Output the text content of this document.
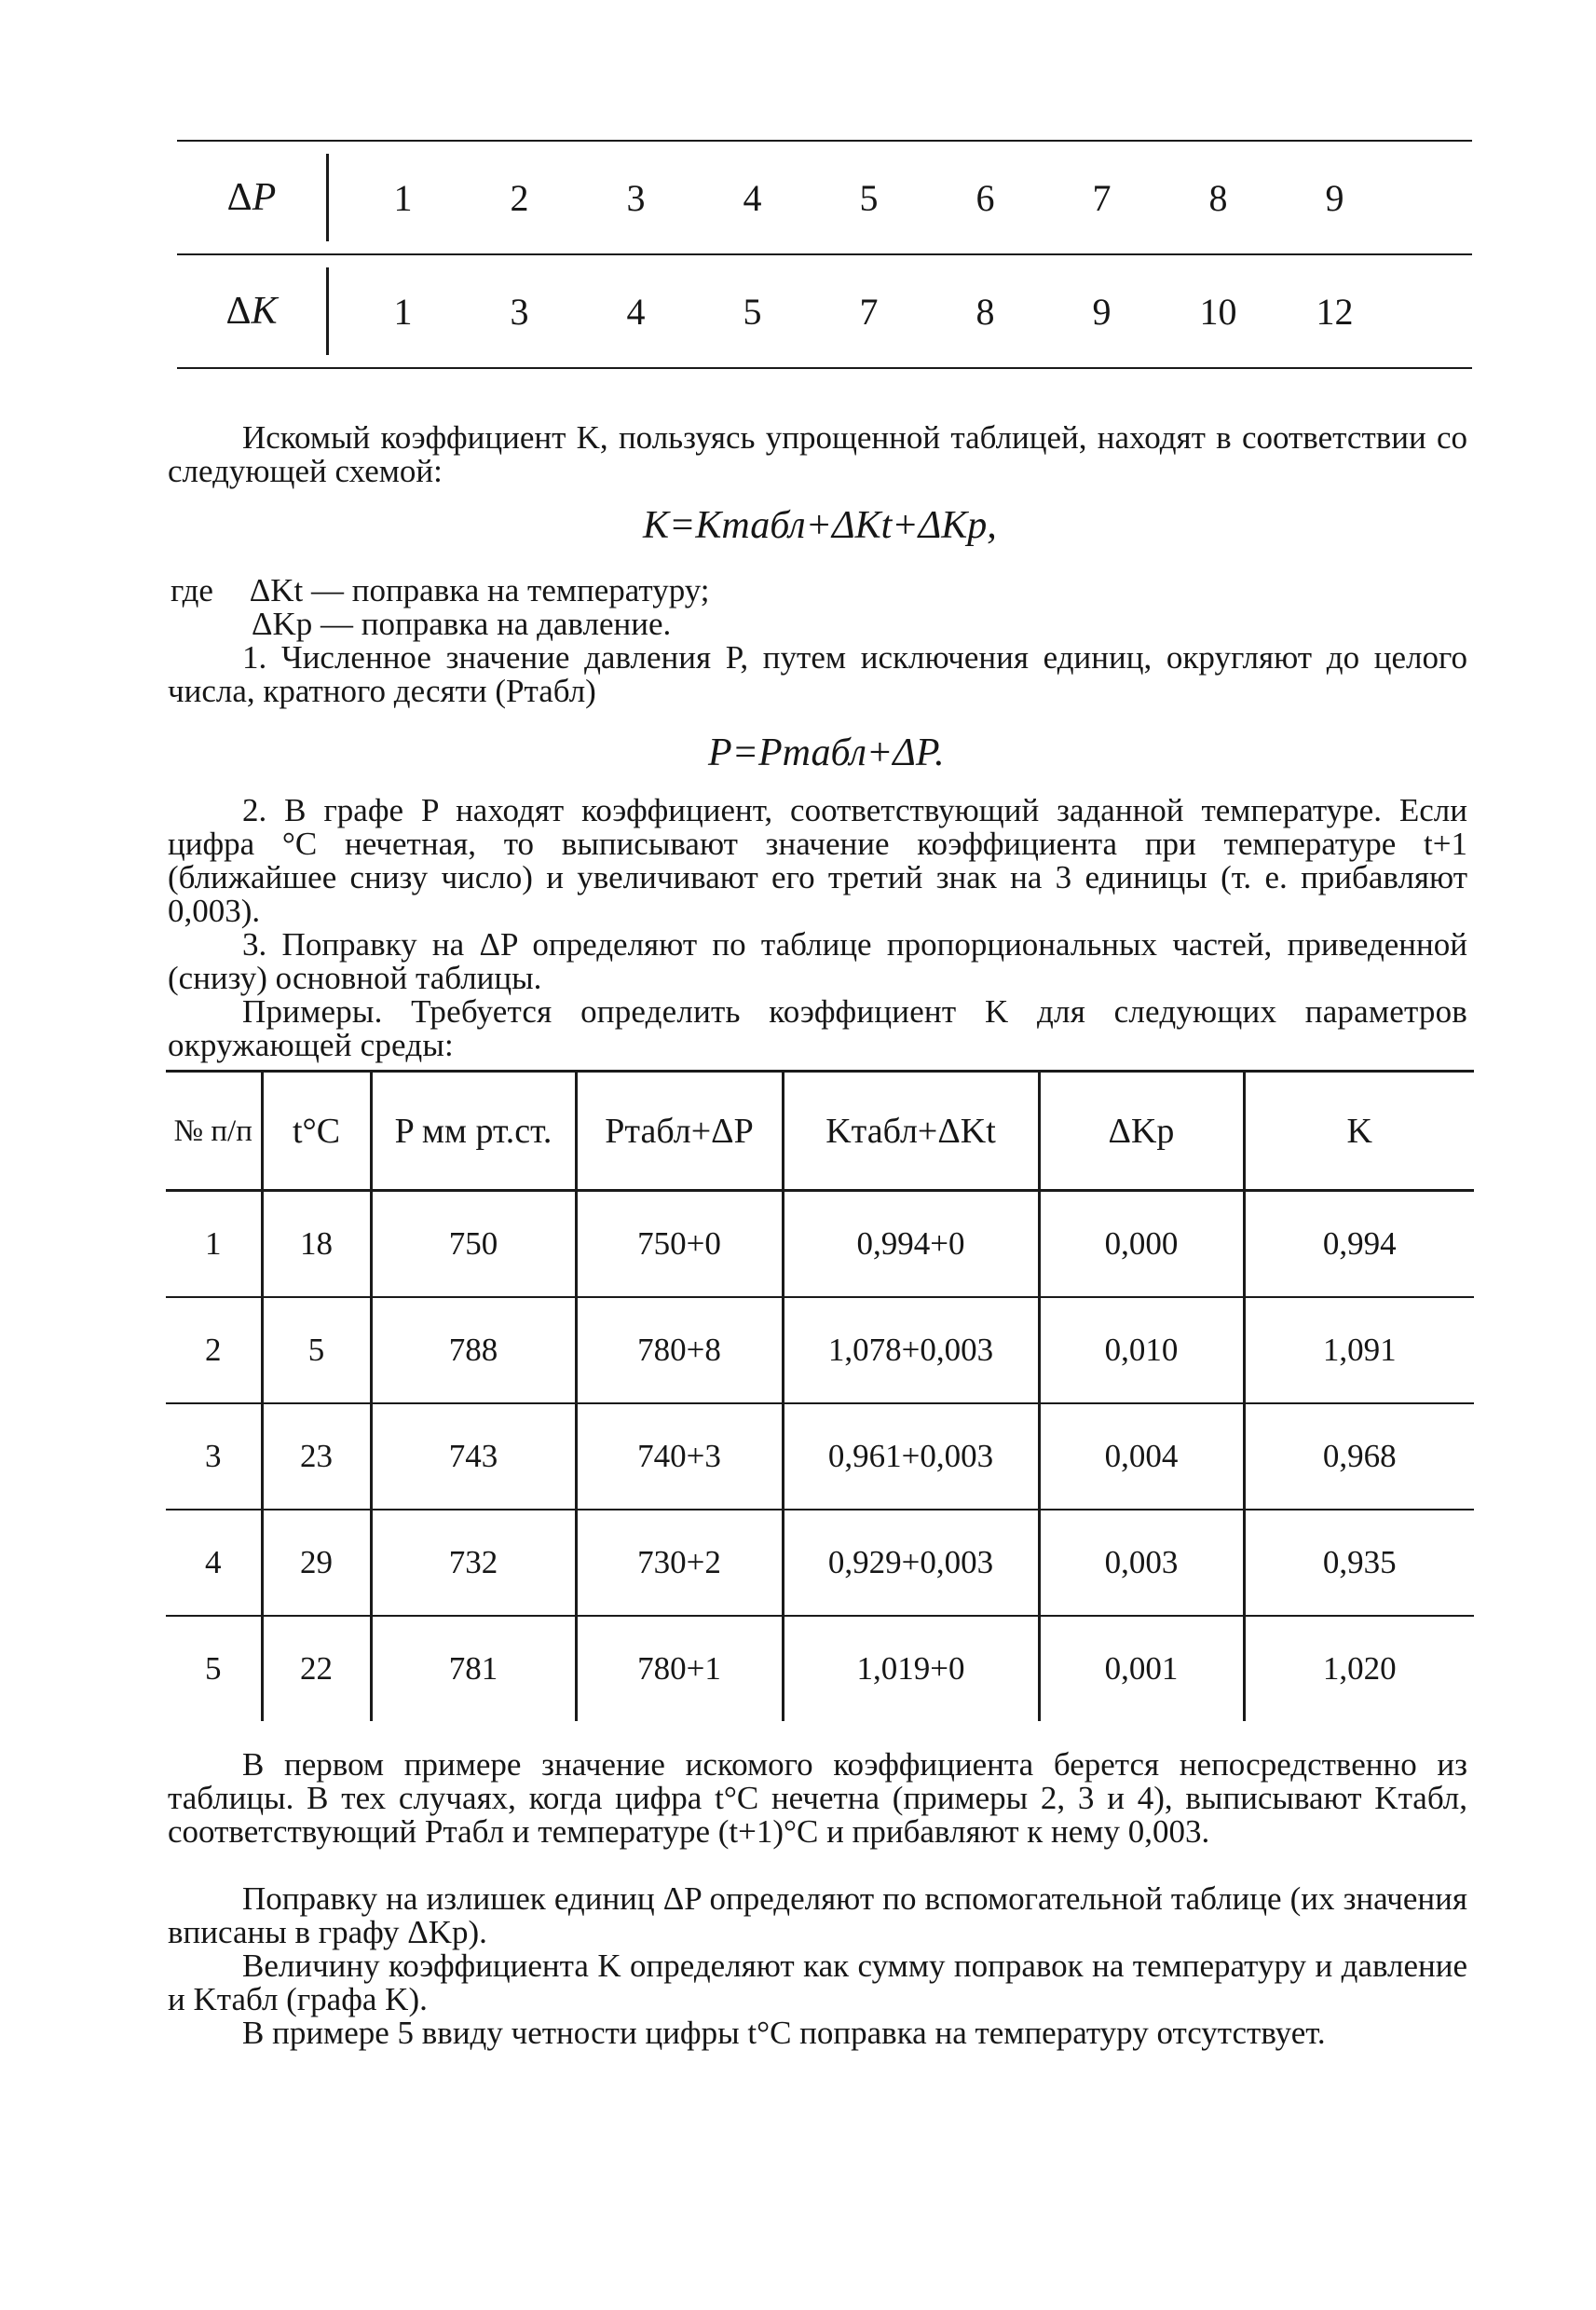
ΔP	1	2	3	4	5	6	7	8	9
ΔK	1	3	4	5	7	8	9	10	12
Искомый коэффициент K, пользуясь упрощенной таблицей, находят в соответствии со следующей схемой:
K=Kтабл+ΔKt+ΔKp,
где ΔKt — поправка на температуру;
ΔKp — поправка на давление.
1. Численное значение давления P, путем исключения единиц, округляют до целого числа, кратного десяти (Pтабл)
P=Pтабл+ΔP.
2. В графе P находят коэффициент, соответствующий заданной температуре. Если цифра °C нечетная, то выписывают значение коэффициента при температуре t+1 (ближайшее снизу число) и увеличивают его третий знак на 3 единицы (т. е. прибавляют 0,003).
3. Поправку на ΔP определяют по таблице пропорциональных частей, приведенной (снизу) основной таблицы.
Примеры. Требуется определить коэффициент K для следующих параметров окружающей среды:
№ п/п	t°C	P мм рт.ст.	Pтабл+ΔP	Kтабл+ΔKt	ΔKp	K
1	18	750	750+0	0,994+0	0,000	0,994
2	5	788	780+8	1,078+0,003	0,010	1,091
3	23	743	740+3	0,961+0,003	0,004	0,968
4	29	732	730+2	0,929+0,003	0,003	0,935
5	22	781	780+1	1,019+0	0,001	1,020
В первом примере значение искомого коэффициента берется непосредственно из таблицы. В тех случаях, когда цифра t°C нечетна (примеры 2, 3 и 4), выписывают Kтабл, соответствующий Pтабл и температуре (t+1)°C и прибавляют к нему 0,003.
Поправку на излишек единиц ΔP определяют по вспомогательной таблице (их значения вписаны в графу ΔKp).
Величину коэффициента K определяют как сумму поправок на температуру и давление и Kтабл (графа K).
В примере 5 ввиду четности цифры t°C поправка на температуру отсутствует.
